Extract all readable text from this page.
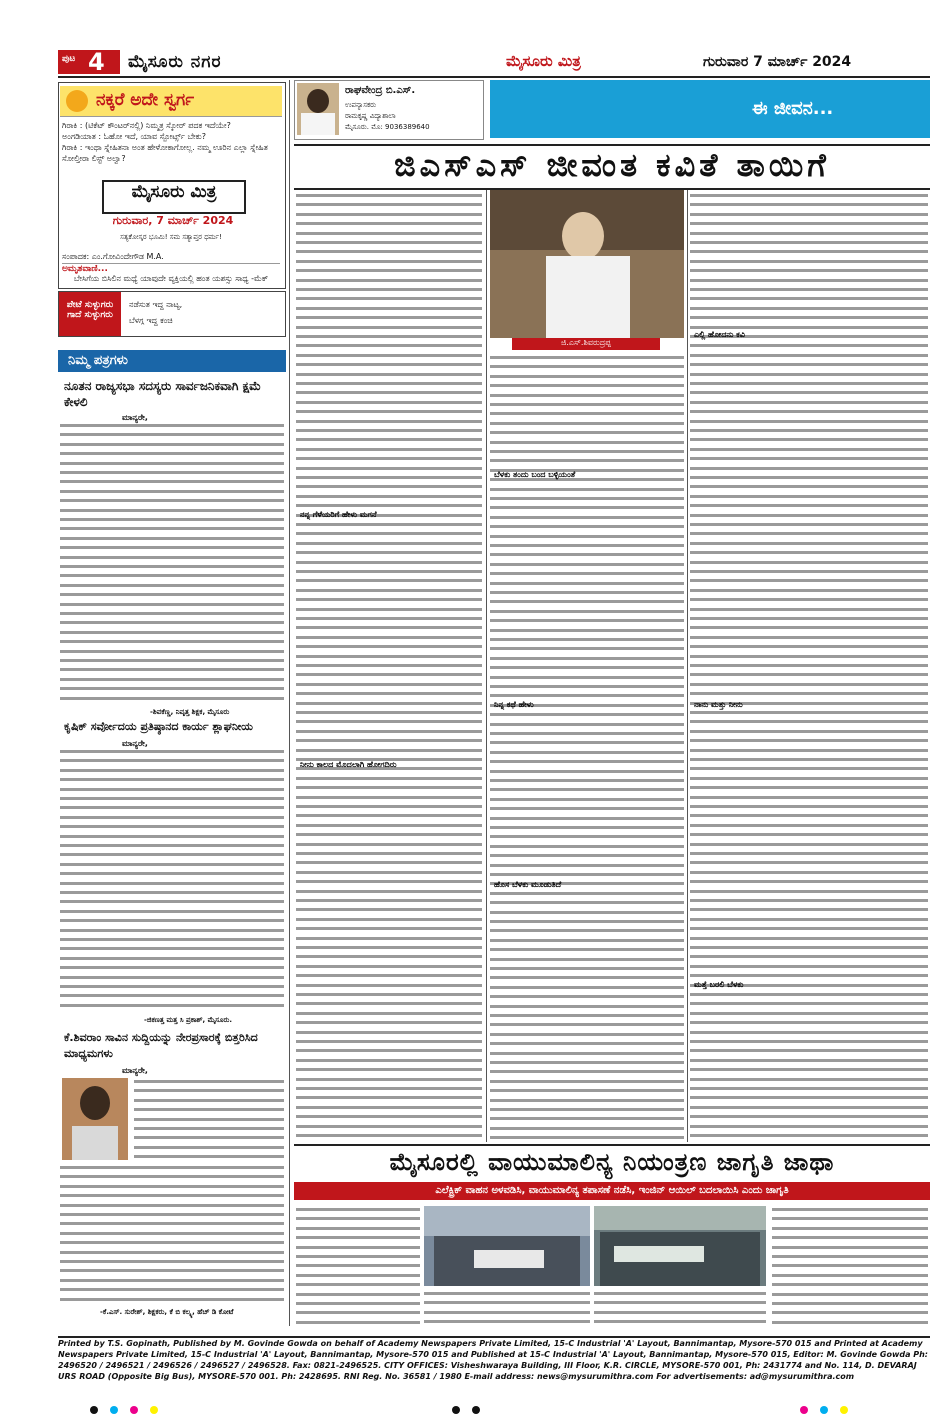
ಪುಟ 4 ಮೈಸೂರು ನಗರ	ಮೈಸೂರು ಮಿತ್ರ	ಗುರುವಾರ 7 ಮಾರ್ಚ್ 2024
ನಕ್ಕರೆ ಅದೇ ಸ್ವರ್ಗ
ಗಿರಾಕಿ : (ಟಿಕೆಟ್ ಕೌಂಟರ್‌ನಲ್ಲಿ) ನಿಮ್ಮತ್ರ ಸ್ಕೋರ್ ಪದಕ ಇದೆಯೇ?
ಅಂಗಡಿಯಾತ : ಓಹೋ ಇದೆ, ಯಾವ ಸ್ಪೋರ್ಟ್ಸ್ ಬೇಕು?
ಗಿರಾಕಿ : ಇಂಥಾ ಸ್ನೇಹಿತನಾ ಅಂತ ಹೇಳೋಕಾಗೋಲ್ಲ. ನಮ್ಮ ಊರಿನ ಎಲ್ಲಾ ಸ್ನೇಹಿತ ಸೋಲ್ತೀರಾ ಲಿಸ್ಟ್ ಅಲ್ವಾ?
ಮೈಸೂರು ಮಿತ್ರ
ಗುರುವಾರ, 7 ಮಾರ್ಚ್ 2024
ಸತ್ಯಕೋಸ್ಕರ ಭೂಮಿ! ಸಮ ಸತ್ಯಾಪ್ತರ ಧರ್ಮ!
ಸಂಪಾದಕ: ಎಂ.ಗೋವಿಂದೇಗೌಡ M.A.
ಅಮೃತವಾಣಿ...
ಬೇಸಿಗೆಯ ಬಿಸಿಲಿನ ಮಧ್ಯೆ ಯಾವುದೇ ವ್ಯಕ್ತಿಯಲ್ಲಿ ಹಂತ ಯಶಸ್ಸು ಸಾಧ್ಯ -ಮೆಕ್
ಪೇಟೆ ಸುಳ್ಳುಗರು ಗಾದೆ ಸುಳ್ಳುಗರು
ನಡೆಸುತ ಇದ್ದ ನಾಟ್ಯ,
ಬೆಳಗ್ಗ ಇದ್ದ ಕಂಚಿ
ನಿಮ್ಮ ಪತ್ರಗಳು
ನೂತನ ರಾಜ್ಯಸಭಾ ಸದಸ್ಯರು ಸಾರ್ವಜನಿಕವಾಗಿ ಕ್ಷಮೆ ಕೇಳಲಿ
ಮಾನ್ಯರೇ,
-ಶಿವಕೆಣ್ಣ, ನಿವೃತ್ತ ಶಿಕ್ಷಕ, ಮೈಸೂರು
ಕೃಷಿಕ್ ಸರ್ವೋದಯ ಪ್ರತಿಷ್ಠಾನದ ಕಾರ್ಯ ಶ್ಲಾಘನೀಯ
ಮಾನ್ಯರೇ,
-ಜಿಕಣತ್ತ ಮತ್ತ ಸಿ ಪ್ರಕಾಶ್, ಮೈಸೂರು.
ಕೆ.ಶಿವರಾಂ ಸಾವಿನ ಸುದ್ದಿಯನ್ನು ನೇರಪ್ರಸಾರಕ್ಕೆ ಬಿತ್ತರಿಸಿದ ಮಾಧ್ಯಮಗಳು
ಮಾನ್ಯರೇ,
-ಕೆ.ಎಸ್. ಸುರೇಶ್, ಶಿಕ್ಷಕರು, ಕೆ ಬಿ ಕಲ್ಕ್ಯ, ಹೆಚ್ ಡಿ ಕೋಟೆ
ರಾಘವೇಂದ್ರ ಬಿ.ಎಸ್.
ಉಪನ್ಯಾಸಕರು
ರಾಮಕೃಷ್ಣ ವಿದ್ಯಾಶಾಲಾ
ಮೈಸೂರು. ಮೊ: 9036389640
ಈ ಜೀವನ...
ಜಿಎಸ್‌ಎಸ್ ಜೀವಂತ ಕವಿತೆ ತಾಯಿಗೆ
ಜಿ.ಎಸ್.ಶಿವರುದ್ರಪ್ಪ
ನನ್ನ ಗೆಳೆಯರಿಗೆ ಹೇಳು ಮಗನೆ
ನೀನು ಕಾಲದ ಮೊದಲಾಗಿ ಹೋಗದಿರು
ಬೆಳಕು ತಂದು ಬಂದ ಬಳ್ಳಿಯಂತೆ
ನಿನ್ನ ಕಥೆ ಹೇಳು
ಹೊಸ ಬೆಳಕು ಮೂಡುತಿದೆ
ಎಲ್ಲಿ ಹೋದನು ಕವಿ
ನಾನು ಮತ್ತು ನೀನು
ಮತ್ತೆ ಬರಲಿ ಬೆಳಕು
ಮೈಸೂರಲ್ಲಿ ವಾಯುಮಾಲಿನ್ಯ ನಿಯಂತ್ರಣ ಜಾಗೃತಿ ಜಾಥಾ
ಎಲೆಕ್ಟ್ರಿಕ್ ವಾಹನ ಅಳವಡಿಸಿ, ವಾಯುಮಾಲಿನ್ಯ ತಪಾಸಣೆ ನಡೆಸಿ, ಇಂಜಿನ್ ಆಯಿಲ್ ಬದಲಾಯಿಸಿ ಎಂದು ಜಾಗೃತಿ
Printed by T.S. Gopinath, Published by M. Govinde Gowda on behalf of Academy Newspapers Private Limited, 15-C Industrial 'A' Layout, Bannimantap, Mysore-570 015 and Printed at Academy Newspapers Private Limited, 15-C Industrial 'A' Layout, Bannimantap, Mysore-570 015 and Published at 15-C Industrial 'A' Layout, Bannimantap, Mysore-570 015, Editor: M. Govinde Gowda Ph: 2496520 / 2496521 / 2496526 / 2496527 / 2496528. Fax: 0821-2496525. CITY OFFICES: Visheshwaraya Building, III Floor, K.R. CIRCLE, MYSORE-570 001, Ph: 2431774 and No. 114, D. DEVARAJ URS ROAD (Opposite Big Bus), MYSORE-570 001. Ph: 2428695. RNI Reg. No. 36581 / 1980 E-mail address: news@mysurumithra.com For advertisements: ad@mysurumithra.com
